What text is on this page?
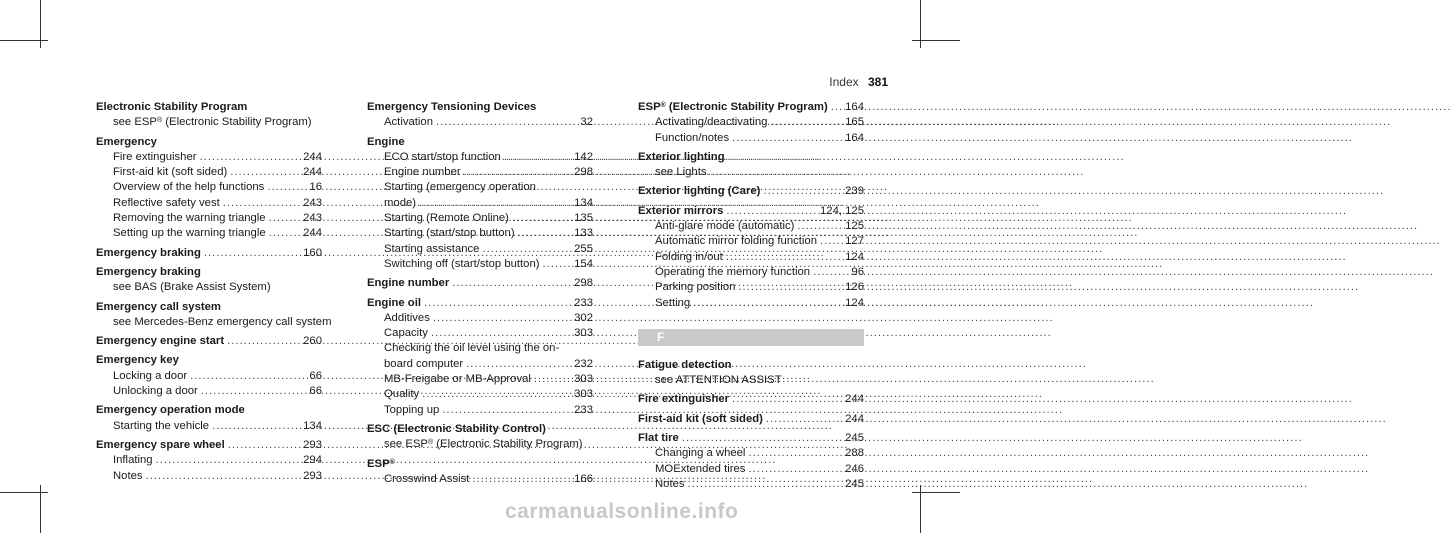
Index 381
Electronic Stability Program
see ESP® (Electronic Stability Program)
Emergency
Fire extinguisher .....	244
First-aid kit (soft sided) .....	244
Overview of the help functions .....	16
Reflective safety vest .....	243
Removing the warning triangle .....	243
Setting up the warning triangle .....	244
Emergency braking .....	160
Emergency braking
see BAS (Brake Assist System)
Emergency call system
see Mercedes-Benz emergency call system
Emergency engine start .....	260
Emergency key
Locking a door .....	66
Unlocking a door .....	66
Emergency operation mode
Starting the vehicle .....	134
Emergency spare wheel .....	293
Inflating .....	294
Notes .....	293
Emergency Tensioning Devices
Activation .....	32
Engine
ECO start/stop function .....	142
Engine number .....	298
Starting (emergency operation
mode) .....	134
Starting (Remote Online) .....	135
Starting (start/stop button) .....	133
Starting assistance .....	255
Switching off (start/stop button) .....	154
Engine number .....	298
Engine oil .....	233
Additives .....	302
Capacity .....	303
Checking the oil level using the on-
board computer .....	232
MB-Freigabe or MB-Approval .....	303
Quality .....	303
Topping up .....	233
ESC (Electronic Stability Control)
see ESP® (Electronic Stability Program)
ESP®
Crosswind Assist .....	166
ESP® (Electronic Stability Program) ..... 164
Activating/deactivating .....	165
Function/notes .....	164
Exterior lighting
see Lights
Exterior lighting (Care) .....	239
Exterior mirrors .....	124, 125
Anti-glare mode (automatic) .....	125
Automatic mirror folding function ..... 127
Folding in/out .....	124
Operating the memory function .....	96
Parking position .....	126
Setting .....	124
F
Fatigue detection
see ATTENTION ASSIST
Fire extinguisher .....	244
First-aid kit (soft sided) .....	244
Flat tire .....	245
Changing a wheel .....	288
MOExtended tires .....	246
Notes .....	245
carmanualsonline.info
